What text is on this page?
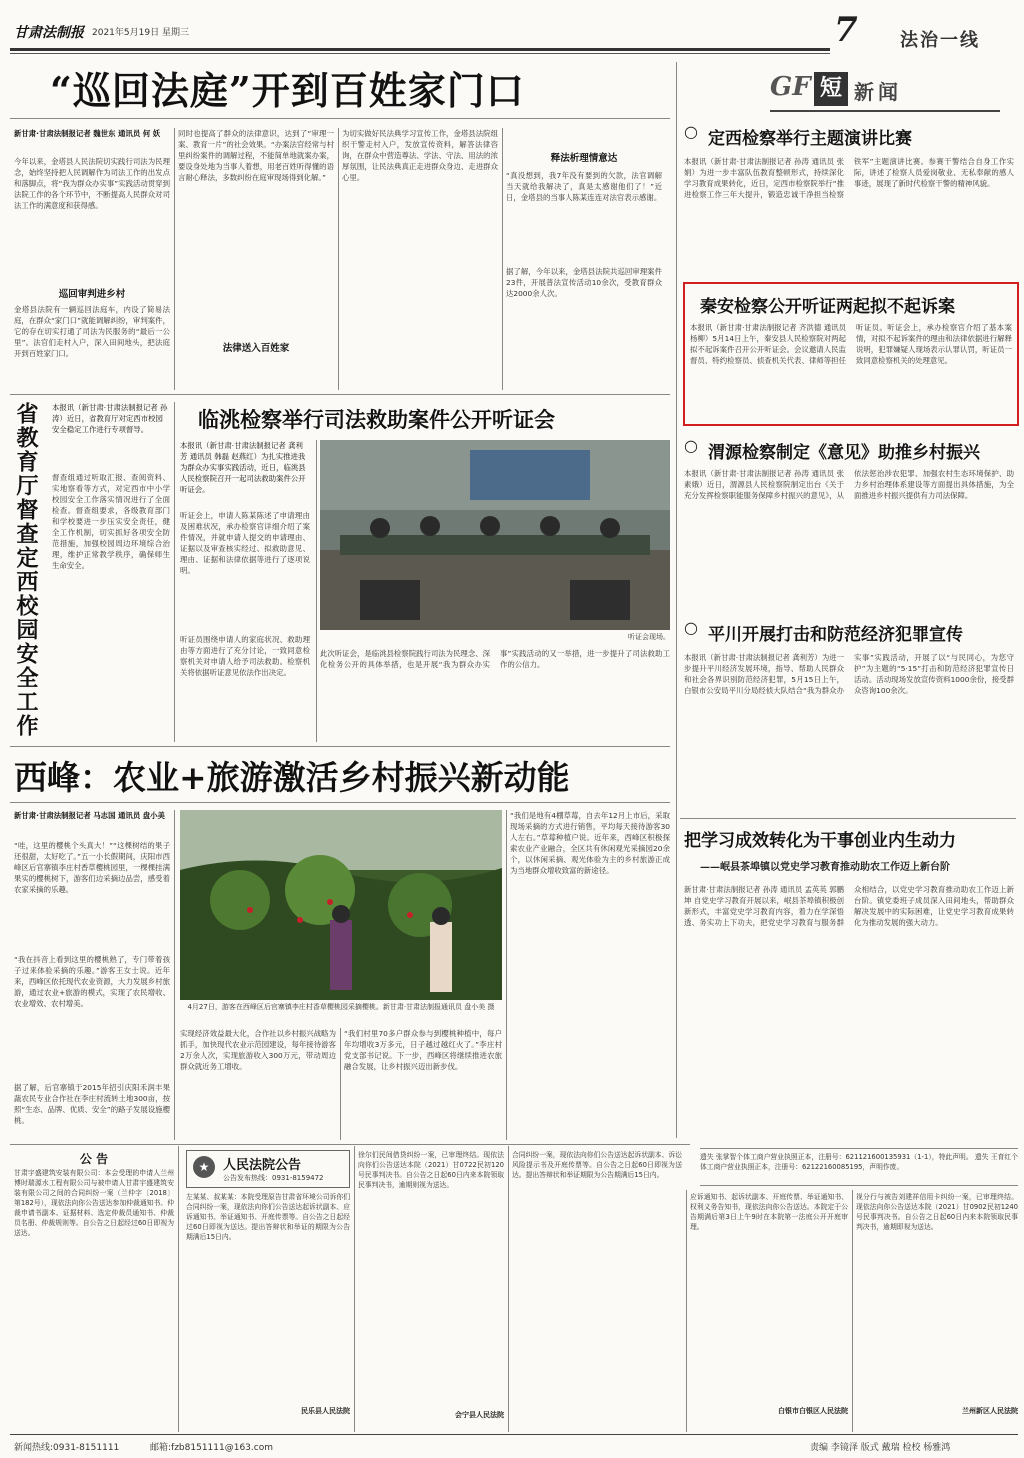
甘肃法制报 2021年5月19日 星期三	7 法治一线
“巡回法庭”开到百姓家门口
新甘肃·甘肃法制报记者 魏世东 通讯员 何 妖
今年以来，金塔县人民法院切实践行司法为民理念，始终坚持把人民调解作为司法工作的出发点和落脚点，将“我为群众办实事”实践活动贯穿到法院工作的各个环节中，不断提高人民群众对司法工作的满意度和获得感。
巡回审判进乡村
金塔县法院有一辆巡回法庭车，内设了简易法庭，在群众“家门口”就能调解纠纷，审判案件，它的存在切实打通了司法为民服务的“最后一公里”。法官们走村入户，深入田间地头，把法庭开到百姓家门口。
同时也提高了群众的法律意识，达到了“审理一案、教育一片”的社会效果。“办案法官经常与村里纠纷案件的调解过程，不能简单地就案办案，要设身处地为当事人着想，用老百姓听得懂的语言耐心释法，多数纠纷在庭审现场得到化解。”
法律送入百姓家
为切实做好民法典学习宣传工作，金塔县法院组织干警走村入户，发放宣传资料，解答法律咨询，在群众中营造尊法、学法、守法、用法的浓厚氛围，让民法典真正走进群众身边、走进群众心里。
释法析理情意达
“真没想到，我7年没有要到的欠款，法官调解当天就给我解决了，真是太感谢他们了！”近日，金塔县的当事人陈某连连对法官表示感谢。
据了解，今年以来，金塔县法院共巡回审理案件23件，开展普法宣传活动10余次，受教育群众达2000余人次。
省教育厅督查定西校园安全工作	本报讯（新甘肃·甘肃法制报记者 孙涛）近日，省教育厅对定西市校园安全稳定工作进行专项督导。
督查组通过听取汇报、查阅资料、实地察看等方式，对定西市中小学校园安全工作落实情况进行了全面检查。督查组要求，各级教育部门和学校要进一步压实安全责任，健全工作机制，切实抓好各项安全防范措施，加强校园周边环境综合治理，维护正常教学秩序，确保师生生命安全。
临洮检察举行司法救助案件公开听证会
本报讯（新甘肃·甘肃法制报记者 龚利芳 通讯员 韩磊 赵燕红）为扎实推进我为群众办实事实践活动，近日，临洮县人民检察院召开一起司法救助案件公开听证会。
听证会上，申请人陈某陈述了申请理由及困难状况，承办检察官详细介绍了案件情况，并就申请人提交的申请理由、证据以及审查核实经过、拟救助意见、理由、证据和法律依据等进行了逐项说明。
听证员围绕申请人的家庭状况、救助理由等方面进行了充分讨论，一致同意检察机关对申请人给予司法救助。检察机关将依据听证意见依法作出决定。
听证会现场。
此次听证会，是临洮县检察院践行司法为民理念、深化检务公开的具体举措，也是开展“我为群众办实事”实践活动的又一举措，进一步提升了司法救助工作的公信力。
西峰：农业+旅游激活乡村振兴新动能
新甘肃·甘肃法制报记者 马志国 通讯员 盘小美
“哇，这里的樱桃个头真大！”“这棵树结的果子还很甜，太好吃了。”五一小长假期间，庆阳市西峰区后官寨镇李庄村香草樱桃园里，一棵棵挂满果实的樱桃树下，游客们边采摘边品尝，感受着农家采摘的乐趣。
“我在抖音上看到这里的樱桃熟了，专门带着孩子过来体验采摘的乐趣。”游客王女士说。近年来，西峰区依托现代农业资源，大力发展乡村旅游，通过农业+旅游的模式，实现了农民增收、农业增效、农村增美。
据了解，后官寨镇于2015年招引庆阳禾润丰果蔬农民专业合作社在李庄村流转土地300亩，按照“生态、品牌、优质、安全”的路子发展设施樱桃。
4月27日，游客在西峰区后官寨镇李庄村香草樱桃园采摘樱桃。新甘肃·甘肃法制报通讯员 盘小美 摄
实现经济效益最大化，合作社以乡村振兴战略为抓手，加快现代农业示范园建设，每年接待游客2万余人次，实现旅游收入300万元，带动周边群众就近务工增收。
“我们村里70多户群众参与到樱桃种植中，每户年均增收3万多元，日子越过越红火了。”李庄村党支部书记说。下一步，西峰区将继续推进农旅融合发展，让乡村振兴迈出新步伐。
“我们是地有4棚草莓，自去年12月上市后，采取现场采摘的方式进行销售，平均每天接待游客30人左右。”草莓种植户说。近年来，西峰区积极探索农业产业融合，全区共有休闲观光采摘园20余个，以休闲采摘、观光体验为主的乡村旅游正成为当地群众增收致富的新途径。
GF 短 新闻
○ 定西检察举行主题演讲比赛
本报讯（新甘肃·甘肃法制报记者 孙涛 通讯员 张娟）为进一步丰富队伍教育整顿形式，持续深化学习教育成果转化，近日，定西市检察院举行“推进检察工作三年大提升，锻造忠诚干净担当检察铁军”主题演讲比赛。参赛干警结合自身工作实际，讲述了检察人员爱岗敬业、无私奉献的感人事迹，展现了新时代检察干警的精神风貌。
秦安检察公开听证两起拟不起诉案
本报讯（新甘肃·甘肃法制报记者 齐洪德 通讯员 杨柳）5月14日上午，秦安县人民检察院对两起拟不起诉案件召开公开听证会。会议邀请人民监督员、特约检察员、侦查机关代表、律师等担任听证员。听证会上，承办检察官介绍了基本案情，对拟不起诉案件的理由和法律依据进行解释说明，犯罪嫌疑人现场表示认罪认罚，听证员一致同意检察机关的处理意见。
○ 渭源检察制定《意见》助推乡村振兴
本报讯（新甘肃·甘肃法制报记者 孙涛 通讯员 张素娥）近日，渭源县人民检察院制定出台《关于充分发挥检察职能服务保障乡村振兴的意见》，从依法惩治涉农犯罪、加强农村生态环境保护、助力乡村治理体系建设等方面提出具体措施，为全面推进乡村振兴提供有力司法保障。
○ 平川开展打击和防范经济犯罪宣传
本报讯（新甘肃·甘肃法制报记者 龚利芳）为进一步提升平川经济发展环境，指导、帮助人民群众和社会各界识别防范经济犯罪，5月15日上午，白银市公安局平川分局经侦大队结合“我为群众办实事”实践活动，开展了以“与民同心，为您守护”为主题的“5·15”打击和防范经济犯罪宣传日活动。活动现场发放宣传资料1000余份，接受群众咨询100余次。
把学习成效转化为干事创业内生动力
——岷县茶埠镇以党史学习教育推动助农工作迈上新台阶
新甘肃·甘肃法制报记者 孙涛 通讯员 孟英英 郭鹏坤 自党史学习教育开展以来，岷县茶埠镇积极创新形式，丰富党史学习教育内容，着力在学深悟透、务实功上下功夫，把党史学习教育与服务群众相结合，以党史学习教育推动助农工作迈上新台阶。镇党委班子成员深入田间地头，帮助群众解决发展中的实际困难，让党史学习教育成果转化为推动发展的强大动力。
遗失 张掌智个体工商户营业执照正本，注册号：621121600135931（1-1），特此声明。 遗失 王育红个体工商户营业执照正本，注册号：62122160085195，声明作废。
公 告
甘肃宇盛建筑安装有限公司：本会受理的申请人兰州博时瑞源水工程有限公司与被申请人甘肃宇盛建筑安装有限公司之间的合同纠纷一案（兰仲字〔2018〕第182号），现依法向你公告送达参加仲裁通知书、仲裁申请书副本、证据材料、选定仲裁员通知书、仲裁员名册、仲裁规则等。自公告之日起经过60日即视为送达。
★	人民法院公告
公告发布热线：0931-8159472
左某某、叔某某：本院受理原告甘肃省环境公司诉你们合同纠纷一案，现依法向你们公告送达起诉状副本、应诉通知书、举证通知书、开庭传票等。自公告之日起经过60日即视为送达。提出答辩状和举证的期限为公告期满后15日内。
民乐县人民法院
徐尔们民间借贷纠纷一案，已审理终结。现依法向你们公告送达本院（2021）甘0722民初120号民事判决书。自公告之日起60日内来本院领取民事判决书，逾期则视为送达。
会宁县人民法院
合同纠纷一案，现依法向你们公告送达起诉状副本、诉讼风险提示书及开庭传票等。自公告之日起60日即视为送达。提出答辩状和举证期限为公告期满后15日内。
应诉通知书、起诉状副本、开庭传票、举证通知书、权利义务告知书，现依法向你公告送达。本院定于公告期满后第3日上午9时在本院第一法庭公开开庭审理。
白银市白银区人民法院
视分行与被告刘建祥信用卡纠纷一案，已审理终结。现依法向你公告送达本院（2021）甘0902民初1240号民事判决书。自公告之日起60日内来本院领取民事判决书，逾期即视为送达。
兰州新区人民法院
新闻热线:0931-8151111	邮箱:fzb8151111@163.com	责编 李镜泽 版式 戴瑞 检校 杨雅鸿
